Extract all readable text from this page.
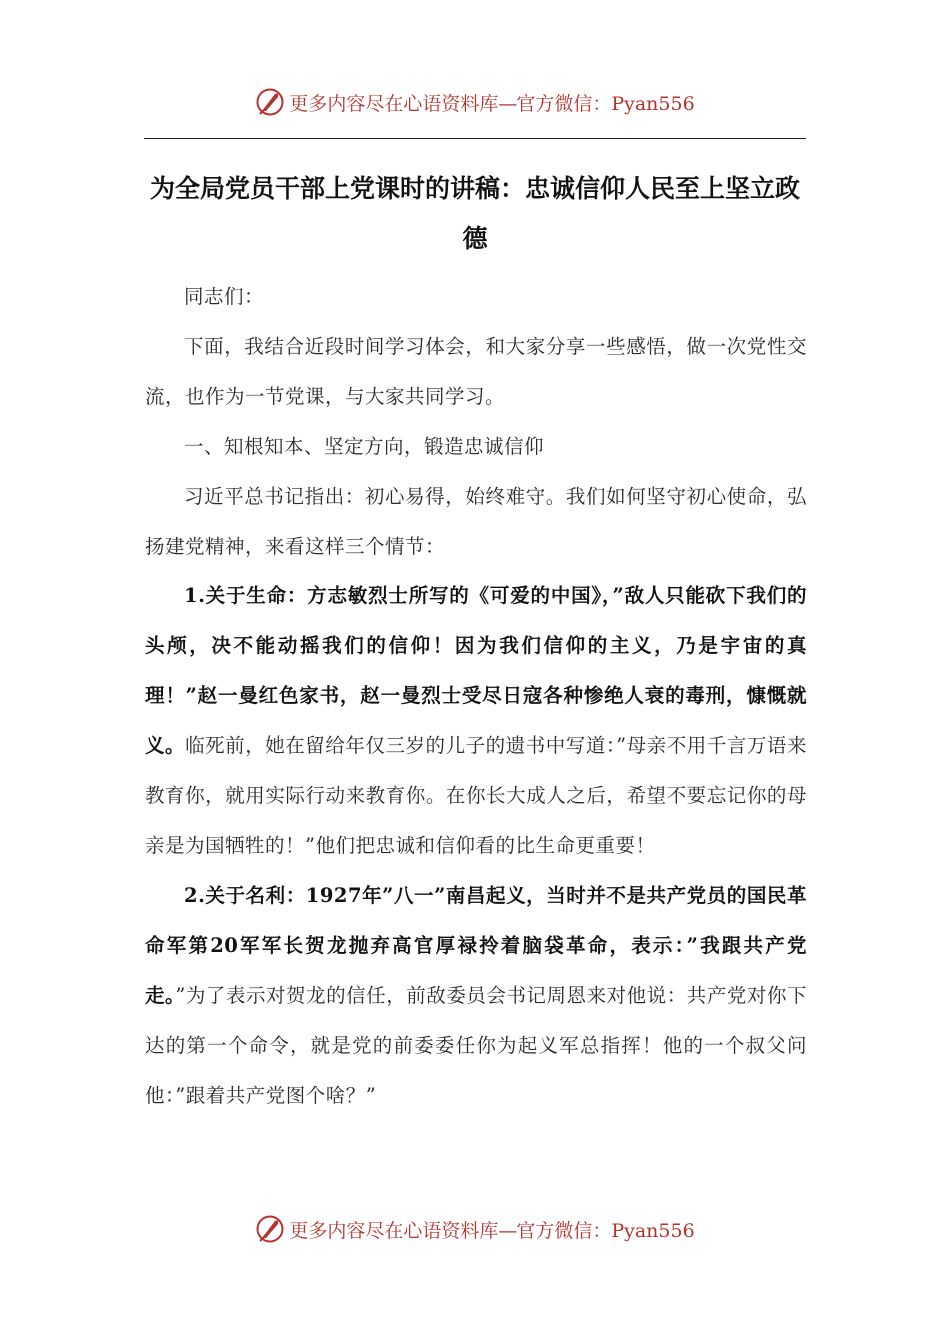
更多内容尽在心语资料库—官方微信：Pyan556
为全局党员干部上党课时的讲稿：忠诚信仰人民至上坚立政德

同志们：

下面，我结合近段时间学习体会，和大家分享一些感悟，做一次党性交流，也作为一节党课，与大家共同学习。

一、知根知本、坚定方向，锻造忠诚信仰

习近平总书记指出：初心易得，始终难守。我们如何坚守初心使命，弘扬建党精神，来看这样三个情节：

1.关于生命：方志敏烈士所写的《可爱的中国》，”敌人只能砍下我们的头颅，决不能动摇我们的信仰！因为我们信仰的主义，乃是宇宙的真理！”赵一曼红色家书，赵一曼烈士受尽日寇各种惨绝人衰的毒刑，慷慨就义。临死前，她在留给年仅三岁的儿子的遗书中写道：”母亲不用千言万语来教育你，就用实际行动来教育你。在你长大成人之后，希望不要忘记你的母亲是为国牺牲的！”他们把忠诚和信仰看的比生命更重要！

2.关于名利：1927年”八一”南昌起义，当时并不是共产党员的国民革命军第20军军长贺龙抛弃高官厚禄拎着脑袋革命，表示：”我跟共产党走。”为了表示对贺龙的信任，前敌委员会书记周恩来对他说：共产党对你下达的第一个命令，就是党的前委委任你为起义军总指挥！他的一个叔父问他：”跟着共产党图个啥？”

更多内容尽在心语资料库—官方微信：Pyan556
